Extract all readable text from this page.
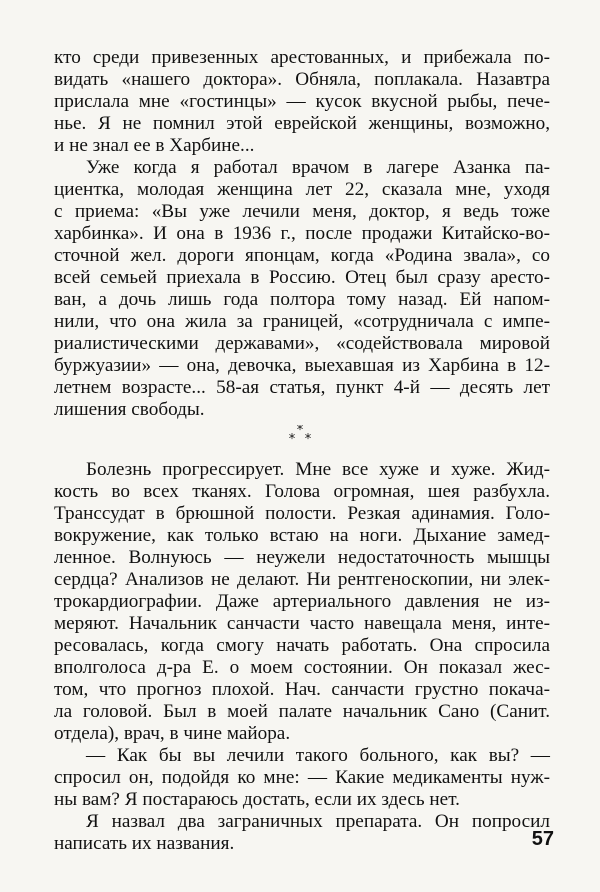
кто среди привезенных арестованных, и прибежала по-
видать «нашего доктора». Обняла, поплакала. Назавтра
прислала мне «гостинцы» — кусок вкусной рыбы, пече-
нье. Я не помнил этой еврейской женщины, возможно,
и не знал ее в Харбине...
Уже когда я работал врачом в лагере Азанка па-
циентка, молодая женщина лет 22, сказала мне, уходя
с приема: «Вы уже лечили меня, доктор, я ведь тоже
харбинка». И она в 1936 г., после продажи Китайско-во-
сточной жел. дороги японцам, когда «Родина звала», со
всей семьей приехала в Россию. Отец был сразу аресто-
ван, а дочь лишь года полтора тому назад. Ей напом-
нили, что она жила за границей, «сотрудничала с импе-
риалистическими державами», «содействовала мировой
буржуазии» — она, девочка, выехавшая из Харбина в 12-
летнем возрасте... 58-ая статья, пункт 4-й — десять лет
лишения свободы.
*
* *
Болезнь прогрессирует. Мне все хуже и хуже. Жид-
кость во всех тканях. Голова огромная, шея разбухла.
Транссудат в брюшной полости. Резкая адинамия. Голо-
вокружение, как только встаю на ноги. Дыхание замед-
ленное. Волнуюсь — неужели недостаточность мышцы
сердца? Анализов не делают. Ни рентгеноскопии, ни элек-
трокардиографии. Даже артериального давления не из-
меряют. Начальник санчасти часто навещала меня, инте-
ресовалась, когда смогу начать работать. Она спросила
вполголоса д-ра Е. о моем состоянии. Он показал жес-
том, что прогноз плохой. Нач. санчасти грустно покача-
ла головой. Был в моей палате начальник Сано (Санит.
отдела), врач, в чине майора.
— Как бы вы лечили такого больного, как вы? —
спросил он, подойдя ко мне: — Какие медикаменты нуж-
ны вам? Я постараюсь достать, если их здесь нет.
Я назвал два заграничных препарата. Он попросил
написать их названия.	57
